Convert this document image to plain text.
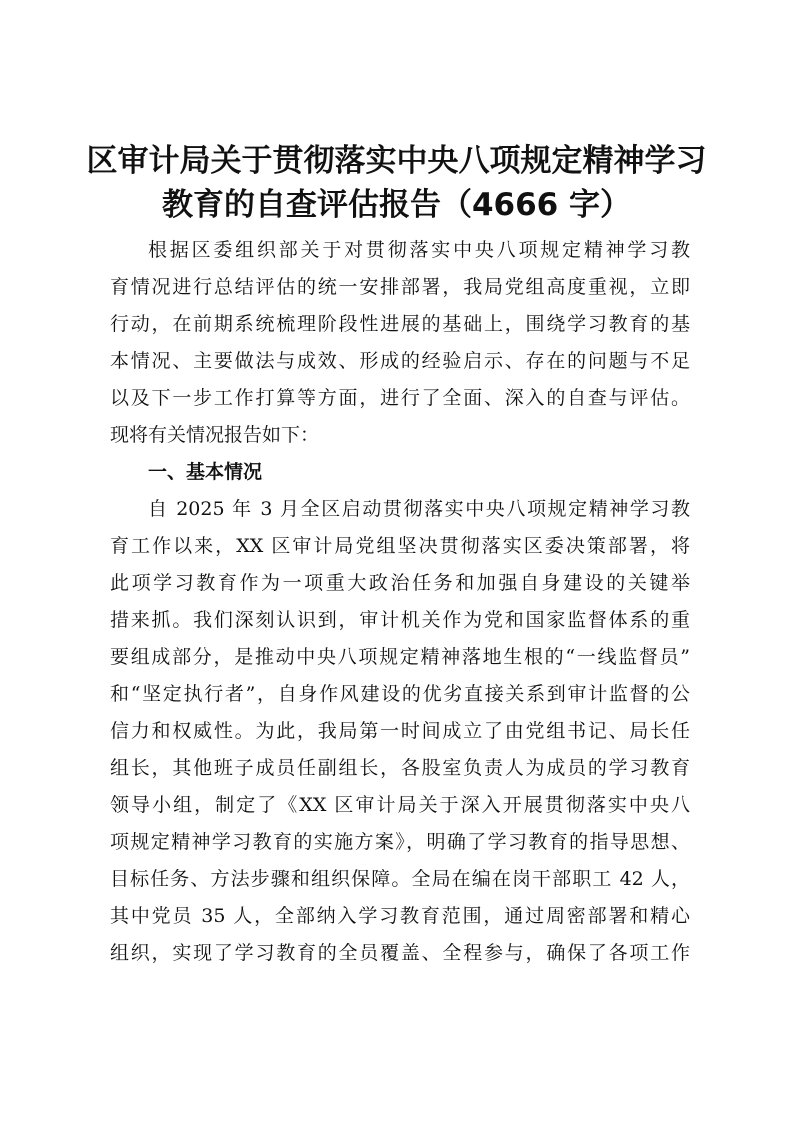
区审计局关于贯彻落实中央八项规定精神学习
教育的自查评估报告（4666 字）
根据区委组织部关于对贯彻落实中央八项规定精神学习教
育情况进行总结评估的统一安排部署，我局党组高度重视，立即
行动，在前期系统梳理阶段性进展的基础上，围绕学习教育的基
本情况、主要做法与成效、形成的经验启示、存在的问题与不足
以及下一步工作打算等方面，进行了全面、深入的自查与评估。
现将有关情况报告如下：
一、基本情况
自 2025 年 3 月全区启动贯彻落实中央八项规定精神学习教
育工作以来，XX 区审计局党组坚决贯彻落实区委决策部署，将
此项学习教育作为一项重大政治任务和加强自身建设的关键举
措来抓。我们深刻认识到，审计机关作为党和国家监督体系的重
要组成部分，是推动中央八项规定精神落地生根的“一线监督员”
和“坚定执行者”，自身作风建设的优劣直接关系到审计监督的公
信力和权威性。为此，我局第一时间成立了由党组书记、局长任
组长，其他班子成员任副组长，各股室负责人为成员的学习教育
领导小组，制定了《XX 区审计局关于深入开展贯彻落实中央八
项规定精神学习教育的实施方案》，明确了学习教育的指导思想、
目标任务、方法步骤和组织保障。全局在编在岗干部职工 42 人，
其中党员 35 人，全部纳入学习教育范围，通过周密部署和精心
组织，实现了学习教育的全员覆盖、全程参与，确保了各项工作
